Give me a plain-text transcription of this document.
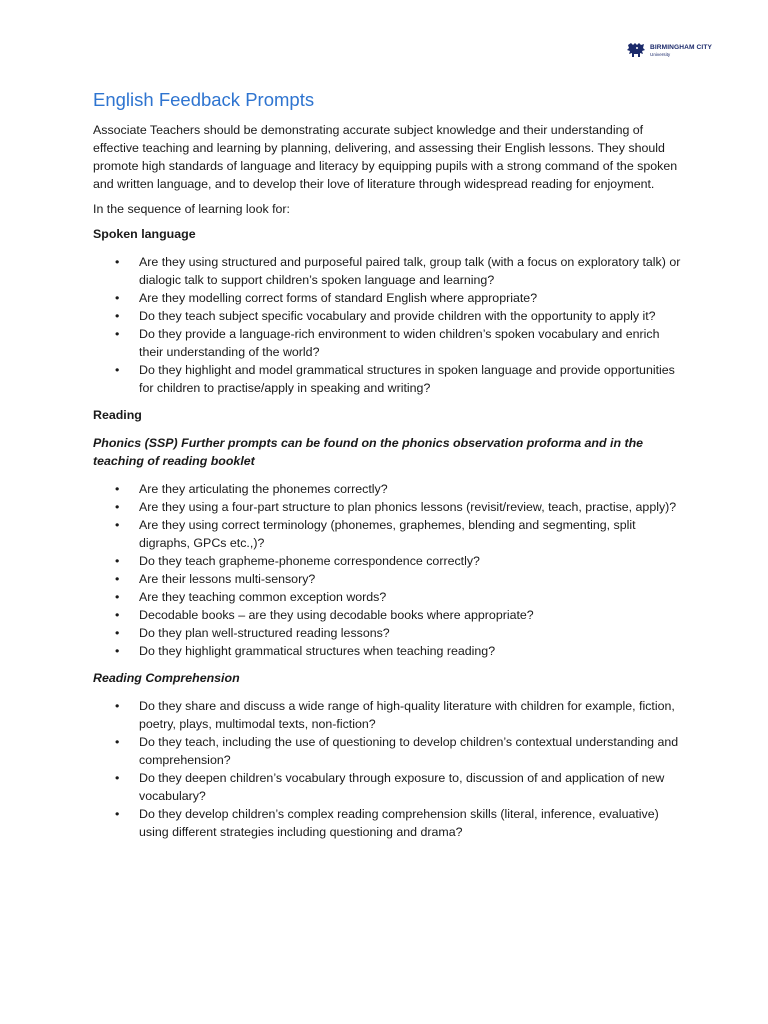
BIRMINGHAM CITY
University
English Feedback Prompts

Associate Teachers should be demonstrating accurate subject knowledge and their understanding of effective teaching and learning by planning, delivering, and assessing their English lessons. They should promote high standards of language and literacy by equipping pupils with a strong command of the spoken and written language, and to develop their love of literature through widespread reading for enjoyment.

In the sequence of learning look for:

Spoken language

• Are they using structured and purposeful paired talk, group talk (with a focus on exploratory talk) or dialogic talk to support children’s spoken language and learning?
• Are they modelling correct forms of standard English where appropriate?
• Do they teach subject specific vocabulary and provide children with the opportunity to apply it?
• Do they provide a language-rich environment to widen children’s spoken vocabulary and enrich their understanding of the world?
• Do they highlight and model grammatical structures in spoken language and provide opportunities for children to practise/apply in speaking and writing?

Reading

Phonics (SSP) Further prompts can be found on the phonics observation proforma and in the teaching of reading booklet

• Are they articulating the phonemes correctly?
• Are they using a four-part structure to plan phonics lessons (revisit/review, teach, practise, apply)?
• Are they using correct terminology (phonemes, graphemes, blending and segmenting, split digraphs, GPCs etc.,)?
• Do they teach grapheme-phoneme correspondence correctly?
• Are their lessons multi-sensory?
• Are they teaching common exception words?
• Decodable books – are they using decodable books where appropriate?
• Do they plan well-structured reading lessons?
• Do they highlight grammatical structures when teaching reading?

Reading Comprehension

• Do they share and discuss a wide range of high-quality literature with children for example, fiction, poetry, plays, multimodal texts, non-fiction?
• Do they teach, including the use of questioning to develop children’s contextual understanding and comprehension?
• Do they deepen children’s vocabulary through exposure to, discussion of and application of new vocabulary?
• Do they develop children’s complex reading comprehension skills (literal, inference, evaluative) using different strategies including questioning and drama?
